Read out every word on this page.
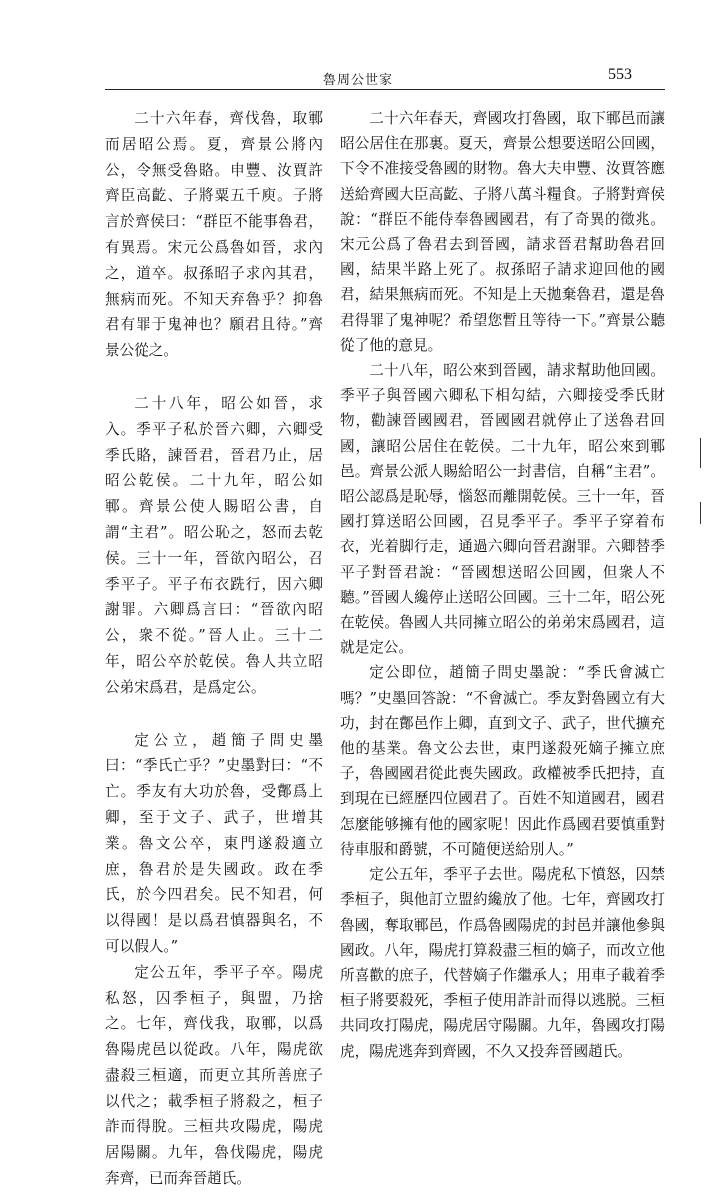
魯周公世家	553

二十六年春，齊伐魯，取鄆而居昭公焉。夏，齊景公將內公，令無受魯賂。申豐、汝賈許齊臣高齕、子將粟五千庾。子將言於齊侯曰：“群臣不能事魯君，有異焉。宋元公爲魯如晉，求內之，道卒。叔孫昭子求內其君，無病而死。不知天弃魯乎？抑魯君有罪于鬼神也？願君且待。”齊景公從之。

二十八年，昭公如晉，求入。季平子私於晉六卿，六卿受季氏賂，諫晉君，晉君乃止，居昭公乾侯。二十九年，昭公如鄆。齊景公使人賜昭公書，自謂“主君”。昭公恥之，怒而去乾侯。三十一年，晉欲內昭公，召季平子。平子布衣跣行，因六卿謝罪。六卿爲言曰：“晉欲內昭公，衆不從。”晉人止。三十二年，昭公卒於乾侯。魯人共立昭公弟宋爲君，是爲定公。

定公立，趙簡子問史墨曰：“季氏亡乎？”史墨對曰：“不亡。季友有大功於魯，受鄪爲上卿，至于文子、武子，世增其業。魯文公卒，東門遂殺適立庶，魯君於是失國政。政在季氏，於今四君矣。民不知君，何以得國！是以爲君慎器與名，不可以假人。”

定公五年，季平子卒。陽虎私怒，囚季桓子，與盟，乃捨之。七年，齊伐我，取鄆，以爲魯陽虎邑以從政。八年，陽虎欲盡殺三桓適，而更立其所善庶子以代之；載季桓子將殺之，桓子詐而得脫。三桓共攻陽虎，陽虎居陽關。九年，魯伐陽虎，陽虎奔齊，已而奔晉趙氏。

二十六年春天，齊國攻打魯國，取下鄆邑而讓昭公居住在那裏。夏天，齊景公想要送昭公回國，下令不准接受魯國的財物。魯大夫申豐、汝賈答應送給齊國大臣高齕、子將八萬斗糧食。子將對齊侯說：“群臣不能侍奉魯國國君，有了奇異的徵兆。宋元公爲了魯君去到晉國，請求晉君幫助魯君回國，結果半路上死了。叔孫昭子請求迎回他的國君，結果無病而死。不知是上天拋棄魯君，還是魯君得罪了鬼神呢？希望您暫且等待一下。”齊景公聽從了他的意見。

二十八年，昭公來到晉國，請求幫助他回國。季平子與晉國六卿私下相勾結，六卿接受季氏財物，勸諫晉國國君，晉國國君就停止了送魯君回國，讓昭公居住在乾侯。二十九年，昭公來到鄆邑。齊景公派人賜給昭公一封書信，自稱“主君”。昭公認爲是恥辱，惱怒而離開乾侯。三十一年，晉國打算送昭公回國，召見季平子。季平子穿着布衣，光着脚行走，通過六卿向晉君謝罪。六卿替季平子對晉君說：“晉國想送昭公回國，但衆人不聽。”晉國人纔停止送昭公回國。三十二年，昭公死在乾侯。魯國人共同擁立昭公的弟弟宋爲國君，這就是定公。

定公即位，趙簡子問史墨說：“季氏會滅亡嗎？”史墨回答說：“不會滅亡。季友對魯國立有大功，封在鄪邑作上卿，直到文子、武子，世代擴充他的基業。魯文公去世，東門遂殺死嫡子擁立庶子，魯國國君從此喪失國政。政權被季氏把持，直到現在已經歷四位國君了。百姓不知道國君，國君怎麼能够擁有他的國家呢！因此作爲國君要慎重對待車服和爵號，不可隨便送給別人。”

定公五年，季平子去世。陽虎私下憤怒，囚禁季桓子，與他訂立盟約纔放了他。七年，齊國攻打魯國，奪取鄆邑，作爲魯國陽虎的封邑并讓他參與國政。八年，陽虎打算殺盡三桓的嫡子，而改立他所喜歡的庶子，代替嫡子作繼承人；用車子載着季桓子將要殺死，季桓子使用詐計而得以逃脱。三桓共同攻打陽虎，陽虎居守陽關。九年，魯國攻打陽虎，陽虎逃奔到齊國，不久又投奔晉國趙氏。
